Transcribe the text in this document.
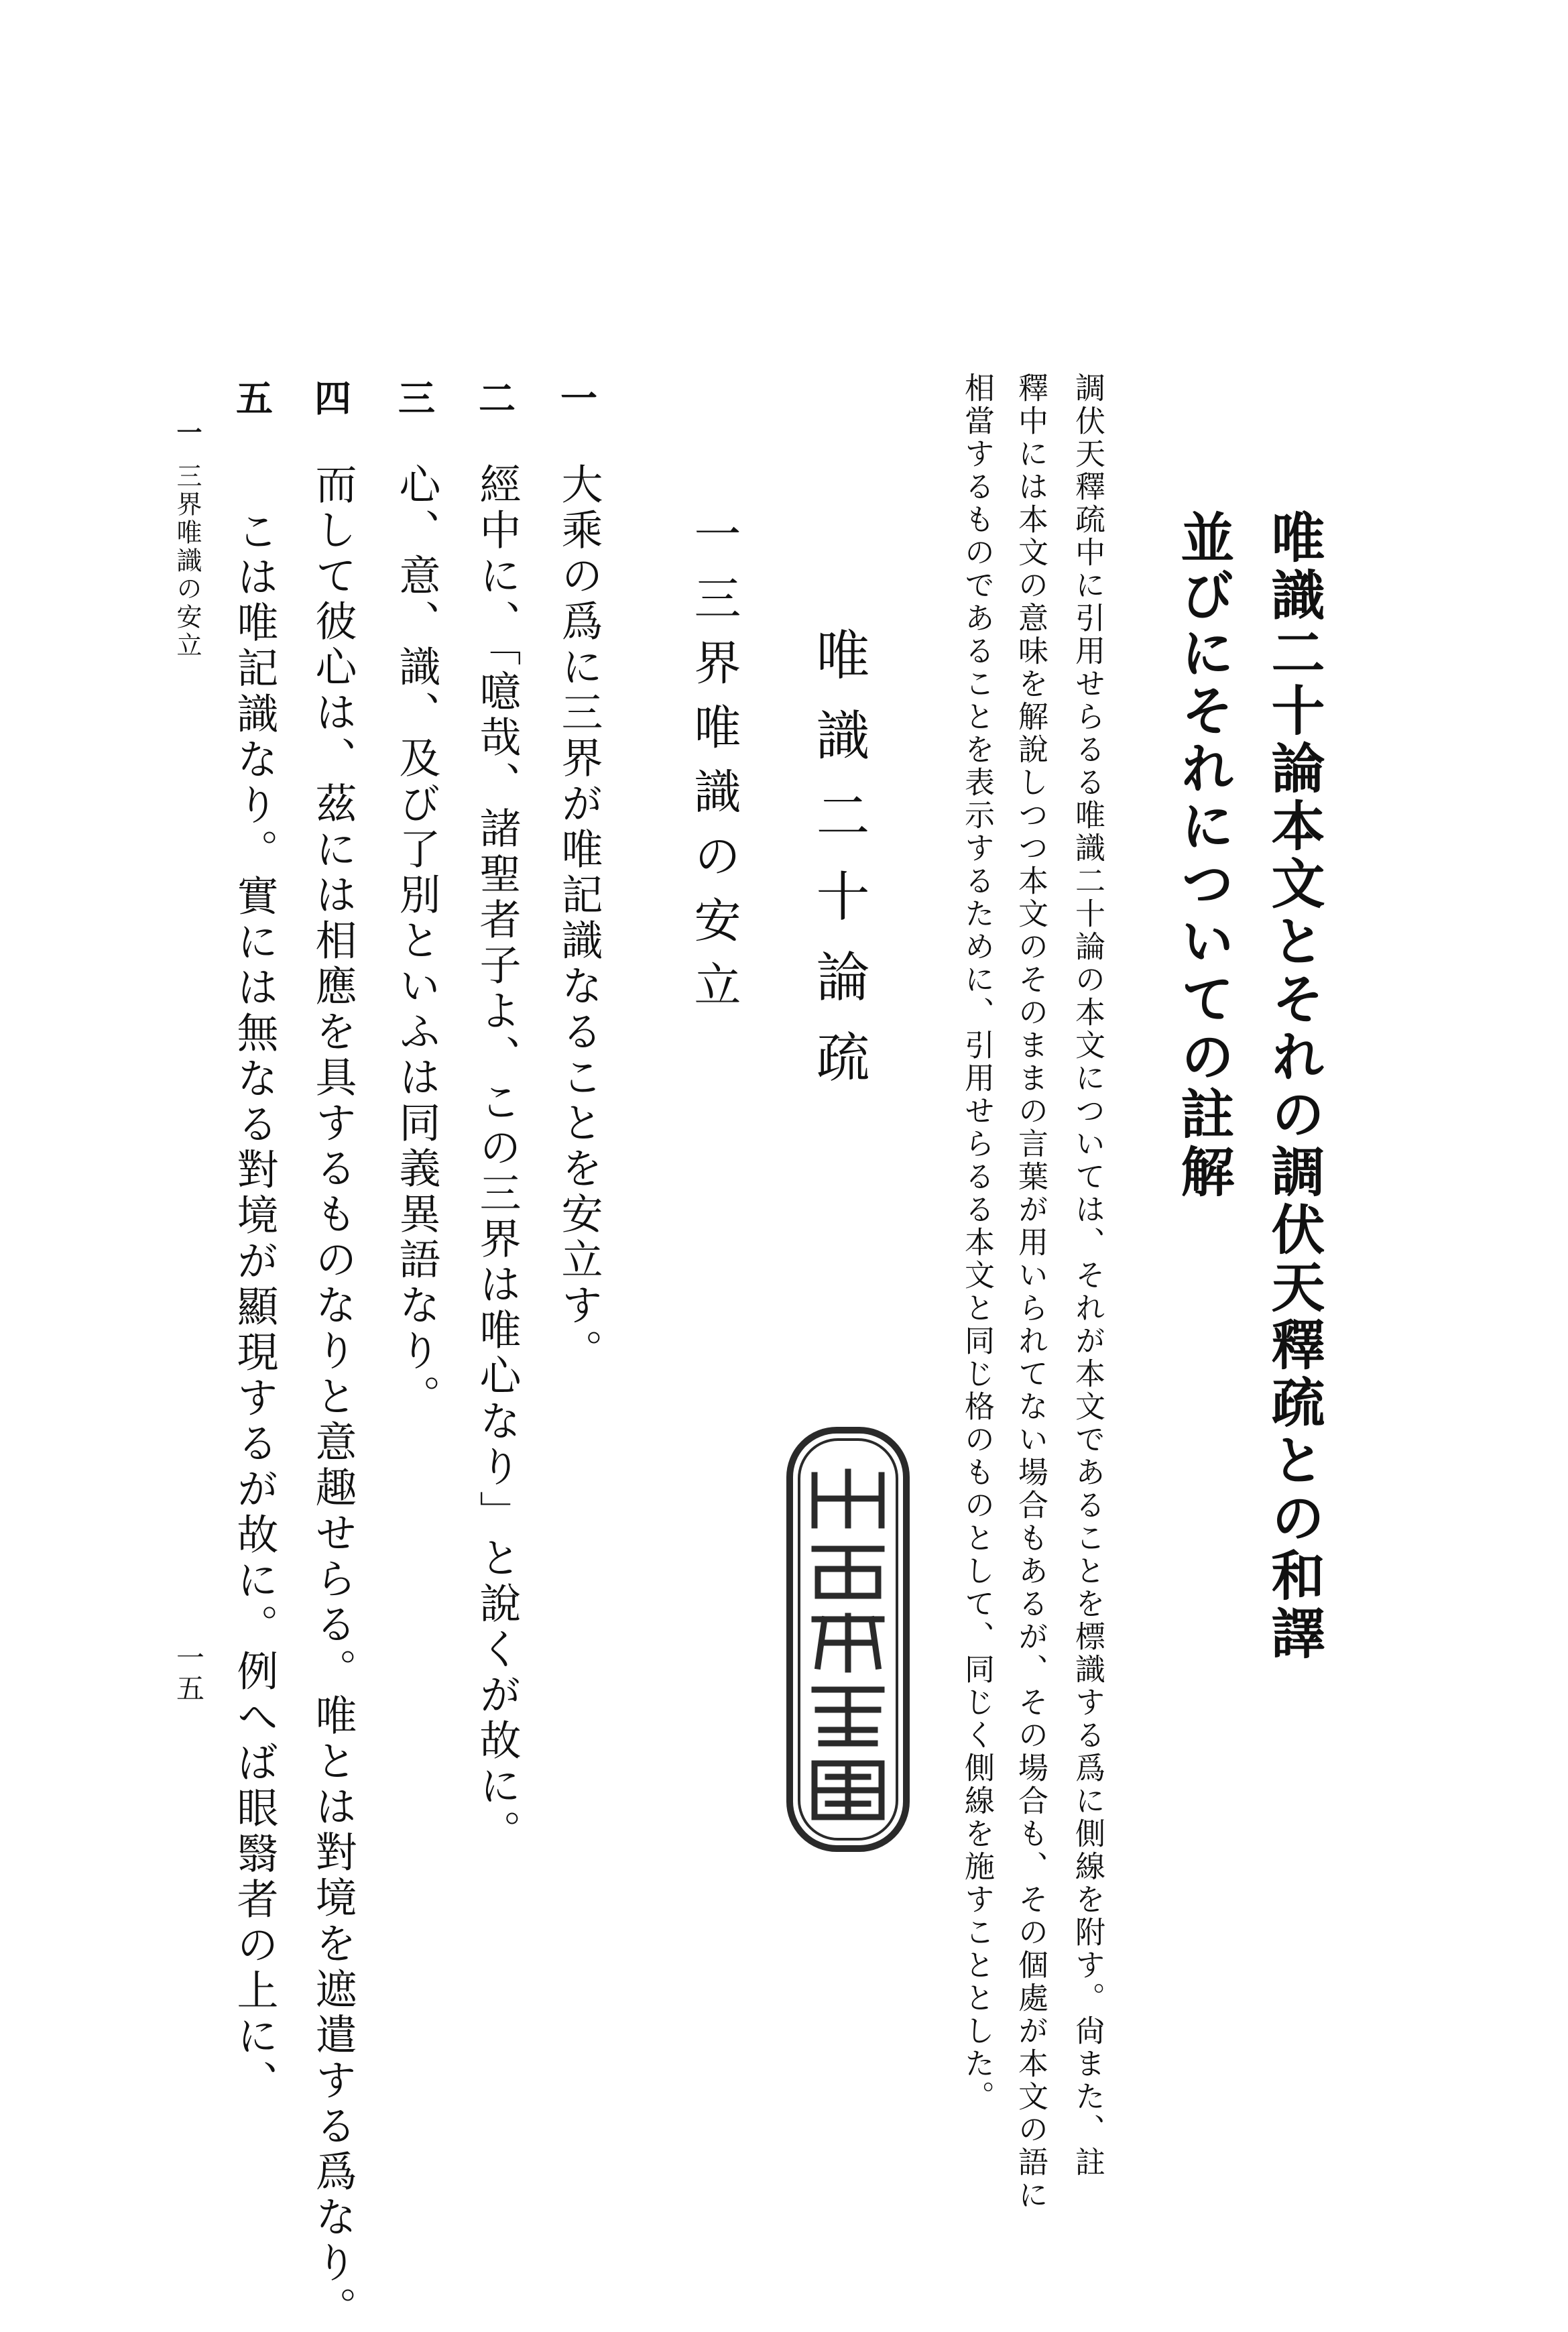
唯識二十論本文とそれの調伏天釋疏との和譯
並びにそれについての註解
調伏天釋疏中に引用せらるる唯識二十論の本文については、それが本文であることを標識する爲に側線を附す。尙また、註
釋中には本文の意味を解說しつつ本文のそのままの言葉が用いられてない場合もあるが、その場合も、その個處が本文の語に
相當するものであることを表示するために、引用せらるる本文と同じ格のものとして、同じく側線を施すこととした。
唯識二十論疏
一三界唯識の安立
一
大乘の爲に三界が唯記識なることを安立す。
二
經中に、「噫哉、諸聖者子よ、この三界は唯心なり」と說くが故に。
三
心、意、識、及び了別といふは同義異語なり。
四
而して彼心は、茲には相應を具するものなりと意趣せらる。唯とは對境を遮遣する爲なり。
五
こは唯記識なり。實には無なる對境が顯現するが故に。例へば眼翳者の上に、
一
三界唯識の安立
一五
